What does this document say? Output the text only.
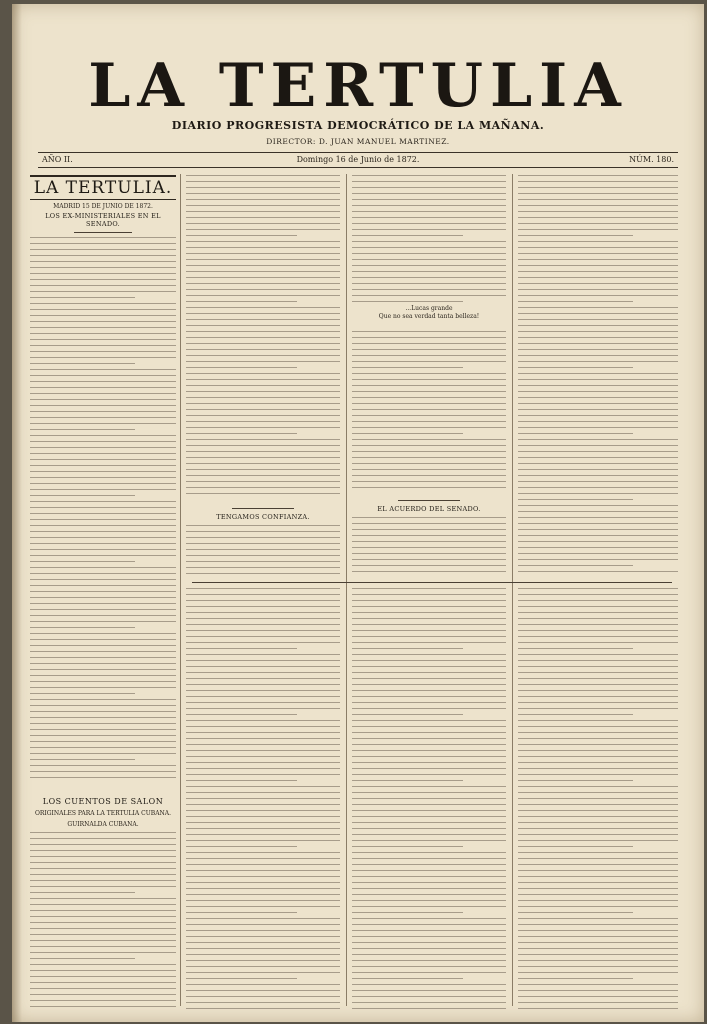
LA TERTULIA
DIARIO PROGRESISTA DEMOCRÁTICO DE LA MAÑANA.
DIRECTOR: D. JUAN MANUEL MARTINEZ.
AÑO II.	Domingo 16 de Junio de 1872.	NÚM. 180.
LA TERTULIA.
MADRID 15 DE JUNIO DE 1872.
LOS EX-MINISTERIALES EN EL SENADO.
LOS CUENTOS DE SALON
ORIGINALES PARA LA TERTULIA CUBANA.
GUIRNALDA CUBANA.
TENGAMOS CONFIANZA.
EL ACUERDO DEL SENADO.
...Lucas grande
Que no sea verdad tanta belleza!
